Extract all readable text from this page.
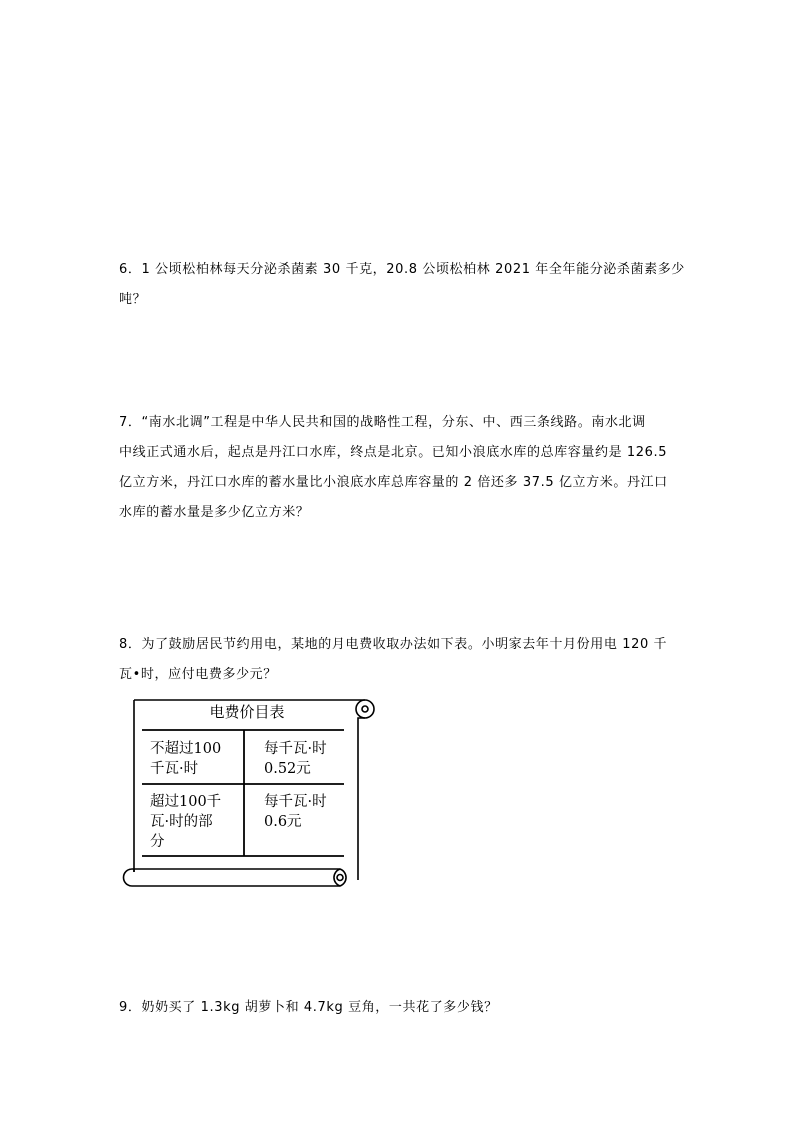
6．1 公顷松柏林每天分泌杀菌素 30 千克，20.8 公顷松柏林 2021 年全年能分泌杀菌素多少
吨？
7．“南水北调”工程是中华人民共和国的战略性工程，分东、中、西三条线路。南水北调
中线正式通水后，起点是丹江口水库，终点是北京。已知小浪底水库的总库容量约是 126.5
亿立方米，丹江口水库的蓄水量比小浪底水库总库容量的 2 倍还多 37.5 亿立方米。丹江口
水库的蓄水量是多少亿立方米？
8．为了鼓励居民节约用电，某地的月电费收取办法如下表。小明家去年十月份用电 120 千
瓦•时，应付电费多少元？
电费价目表
不超过100
千瓦·时
每千瓦·时
0.52元
超过100千
瓦·时的部
分
每千瓦·时
0.6元
9．奶奶买了 1.3kg 胡萝卜和 4.7kg 豆角，一共花了多少钱？
